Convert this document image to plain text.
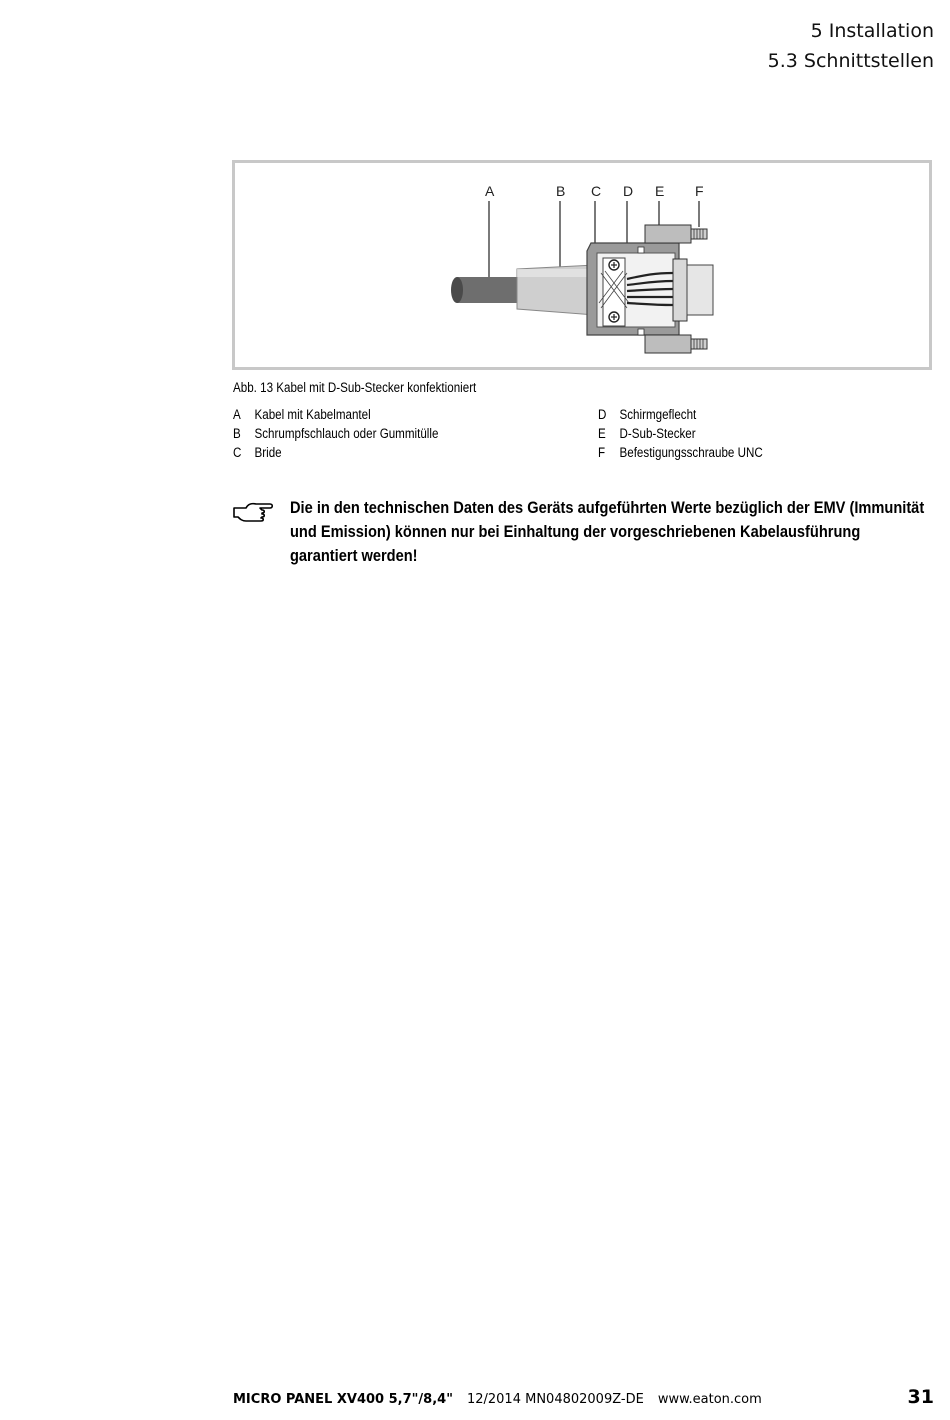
5 Installation
5.3 Schnittstellen
A	B C D E F
Abb. 13 Kabel mit D-Sub-Stecker konfektioniert
A Kabel mit Kabelmantel
B Schrumpfschlauch oder Gummitülle
C Bride
D Schirmgeflecht
E D-Sub-Stecker
F Befestigungsschraube UNC
Die in den technischen Daten des Geräts aufgeführten Werte bezüglich der EMV (Immunität und Emission) können nur bei Einhaltung der vorgeschriebenen Kabelausführung garantiert werden!
MICRO PANEL XV400 5,7"/8,4" 12/2014 MN04802009Z-DE www.eaton.com	31
